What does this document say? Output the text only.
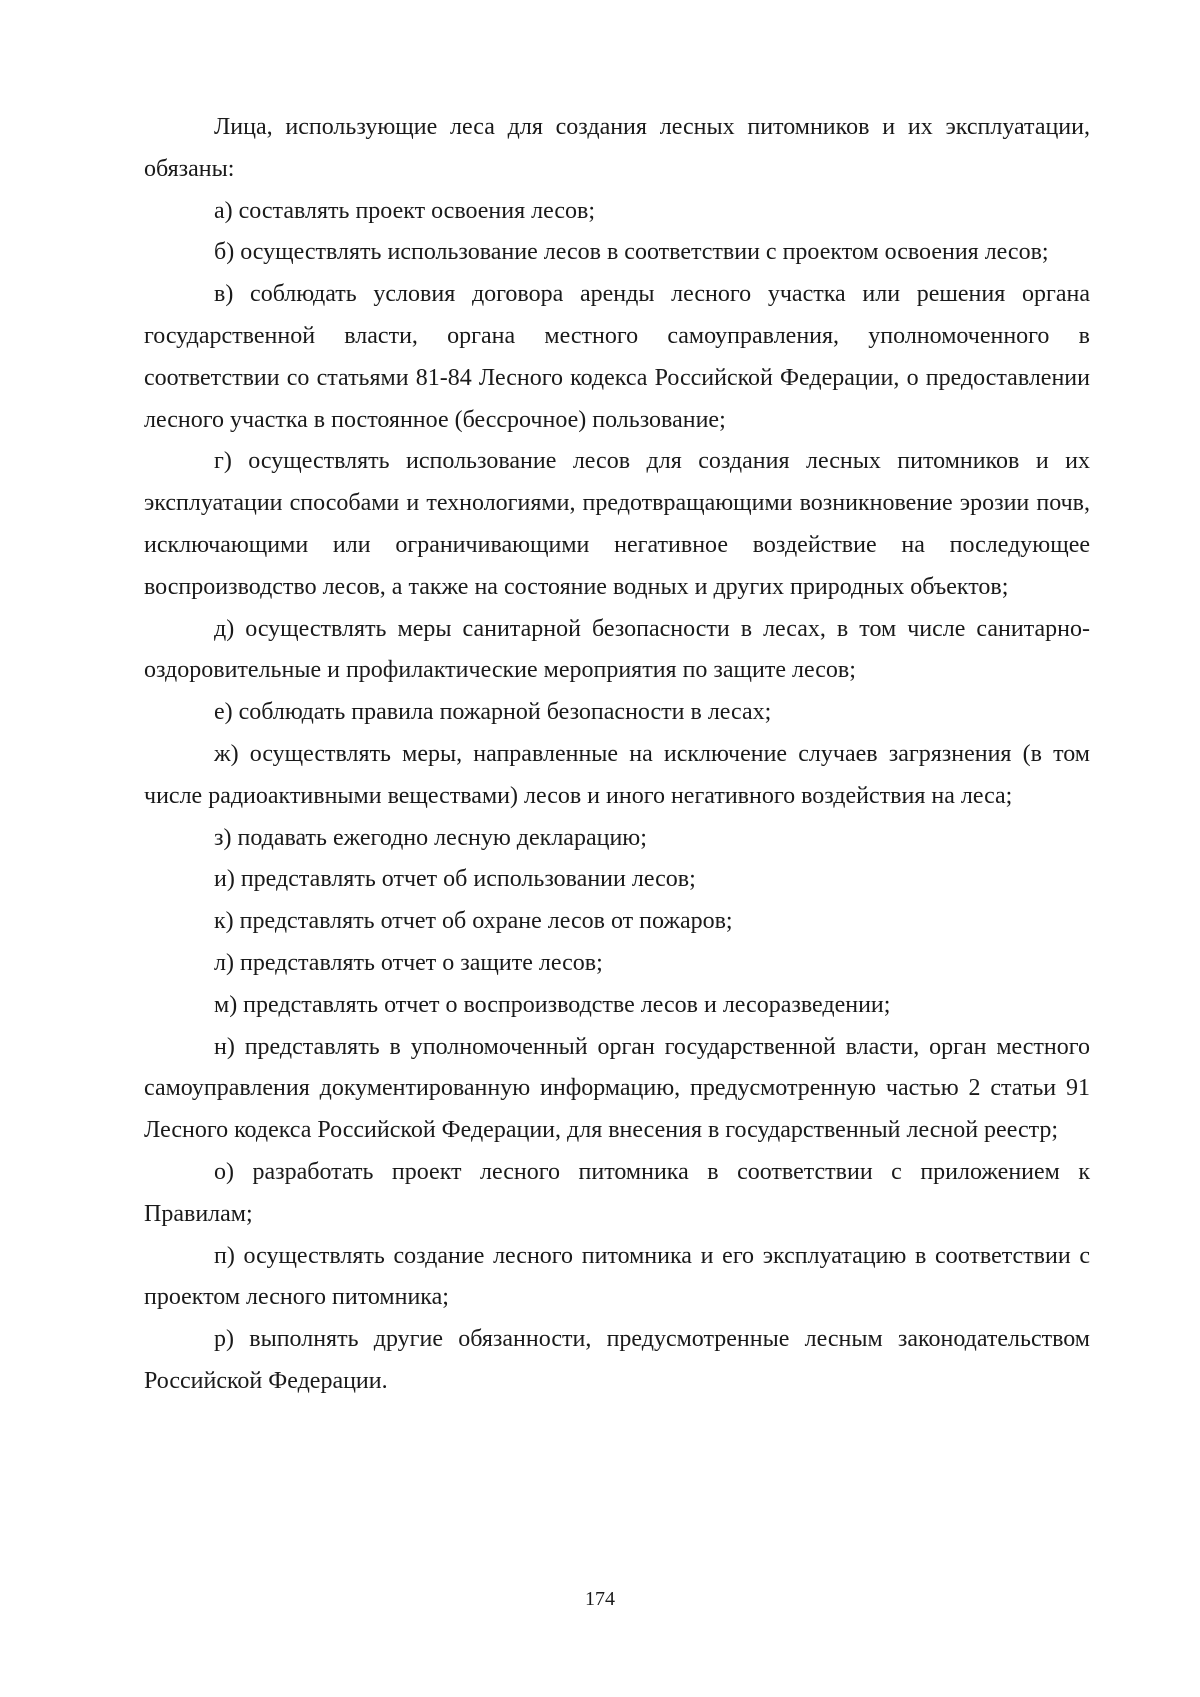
Лица, использующие леса для создания лесных питомников и их эксплуатации, обязаны:

а) составлять проект освоения лесов;

б) осуществлять использование лесов в соответствии с проектом освоения лесов;

в) соблюдать условия договора аренды лесного участка или решения органа государственной власти, органа местного самоуправления, уполномоченного в соответствии со статьями 81-84 Лесного кодекса Российской Федерации, о предоставлении лесного участка в постоянное (бессрочное) пользование;

г) осуществлять использование лесов для создания лесных питомников и их эксплуатации способами и технологиями, предотвращающими возникновение эрозии почв, исключающими или ограничивающими негативное воздействие на последующее воспроизводство лесов, а также на состояние водных и других природных объектов;

д) осуществлять меры санитарной безопасности в лесах, в том числе санитарно-оздоровительные и профилактические мероприятия по защите лесов;

е) соблюдать правила пожарной безопасности в лесах;

ж) осуществлять меры, направленные на исключение случаев загрязнения (в том числе радиоактивными веществами) лесов и иного негативного воздействия на леса;

з) подавать ежегодно лесную декларацию;

и) представлять отчет об использовании лесов;

к) представлять отчет об охране лесов от пожаров;

л) представлять отчет о защите лесов;

м) представлять отчет о воспроизводстве лесов и лесоразведении;

н) представлять в уполномоченный орган государственной власти, орган местного самоуправления документированную информацию, предусмотренную частью 2 статьи 91 Лесного кодекса Российской Федерации, для внесения в государственный лесной реестр;

о) разработать проект лесного питомника в соответствии с приложением к Правилам;

п) осуществлять создание лесного питомника и его эксплуатацию в соответствии с проектом лесного питомника;

р) выполнять другие обязанности, предусмотренные лесным законодательством Российской Федерации.

174
